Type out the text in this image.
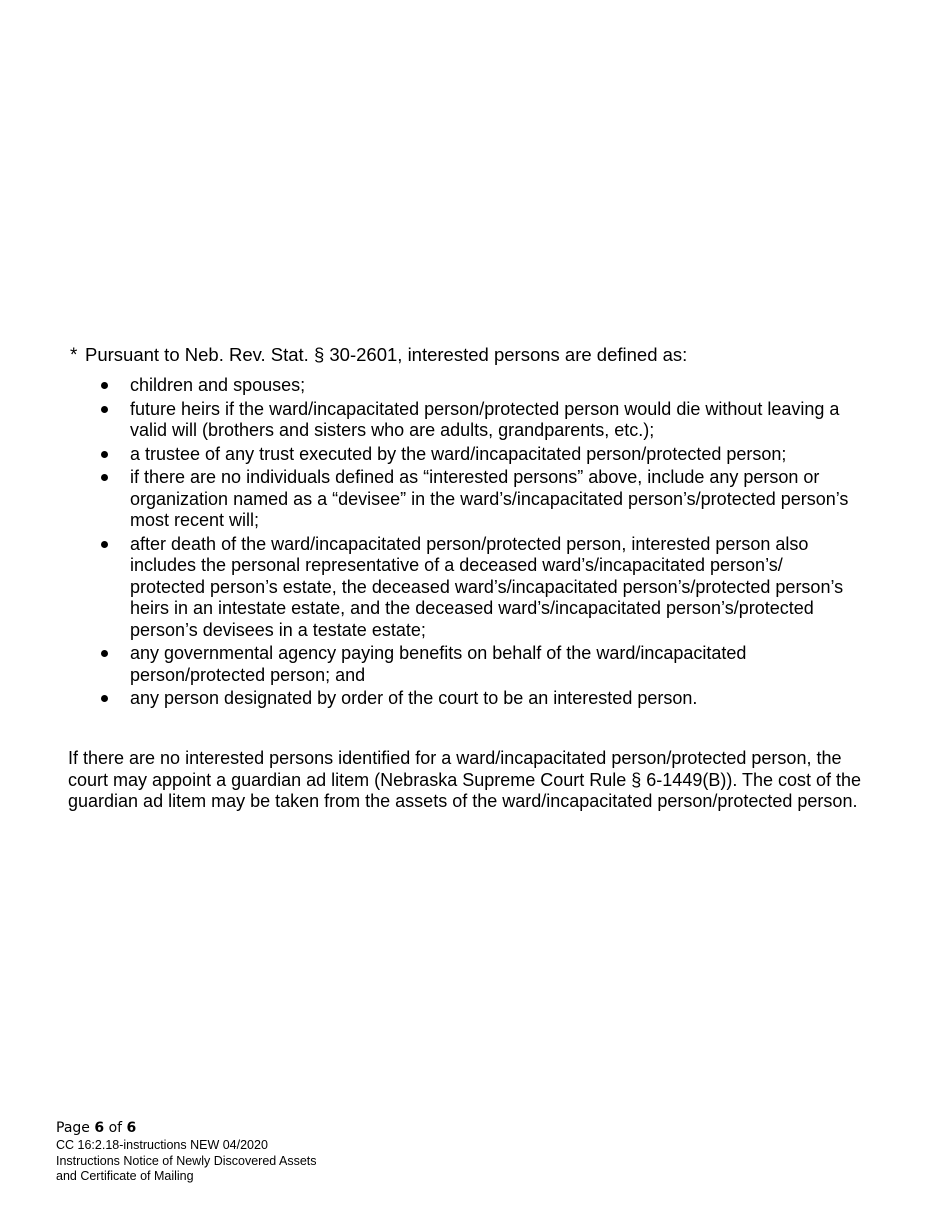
* Pursuant to Neb. Rev. Stat. § 30-2601, interested persons are defined as:
children and spouses;
future heirs if the ward/incapacitated person/protected person would die without leaving a valid will (brothers and sisters who are adults, grandparents, etc.);
a trustee of any trust executed by the ward/incapacitated person/protected person;
if there are no individuals defined as “interested persons” above, include any person or organization named as a “devisee” in the ward’s/incapacitated person’s/protected person’s most recent will;
after death of the ward/incapacitated person/protected person, interested person also includes the personal representative of a deceased ward’s/incapacitated person’s/ protected person’s estate, the deceased ward’s/incapacitated person’s/protected person’s heirs in an intestate estate, and the deceased ward’s/incapacitated person’s/protected person’s devisees in a testate estate;
any governmental agency paying benefits on behalf of the ward/incapacitated person/protected person; and
any person designated by order of the court to be an interested person.

If there are no interested persons identified for a ward/incapacitated person/protected person, the court may appoint a guardian ad litem (Nebraska Supreme Court Rule § 6-1449(B)). The cost of the guardian ad litem may be taken from the assets of the ward/incapacitated person/protected person.

Page 6 of 6
CC 16:2.18-instructions NEW 04/2020
Instructions Notice of Newly Discovered Assets
and Certificate of Mailing
